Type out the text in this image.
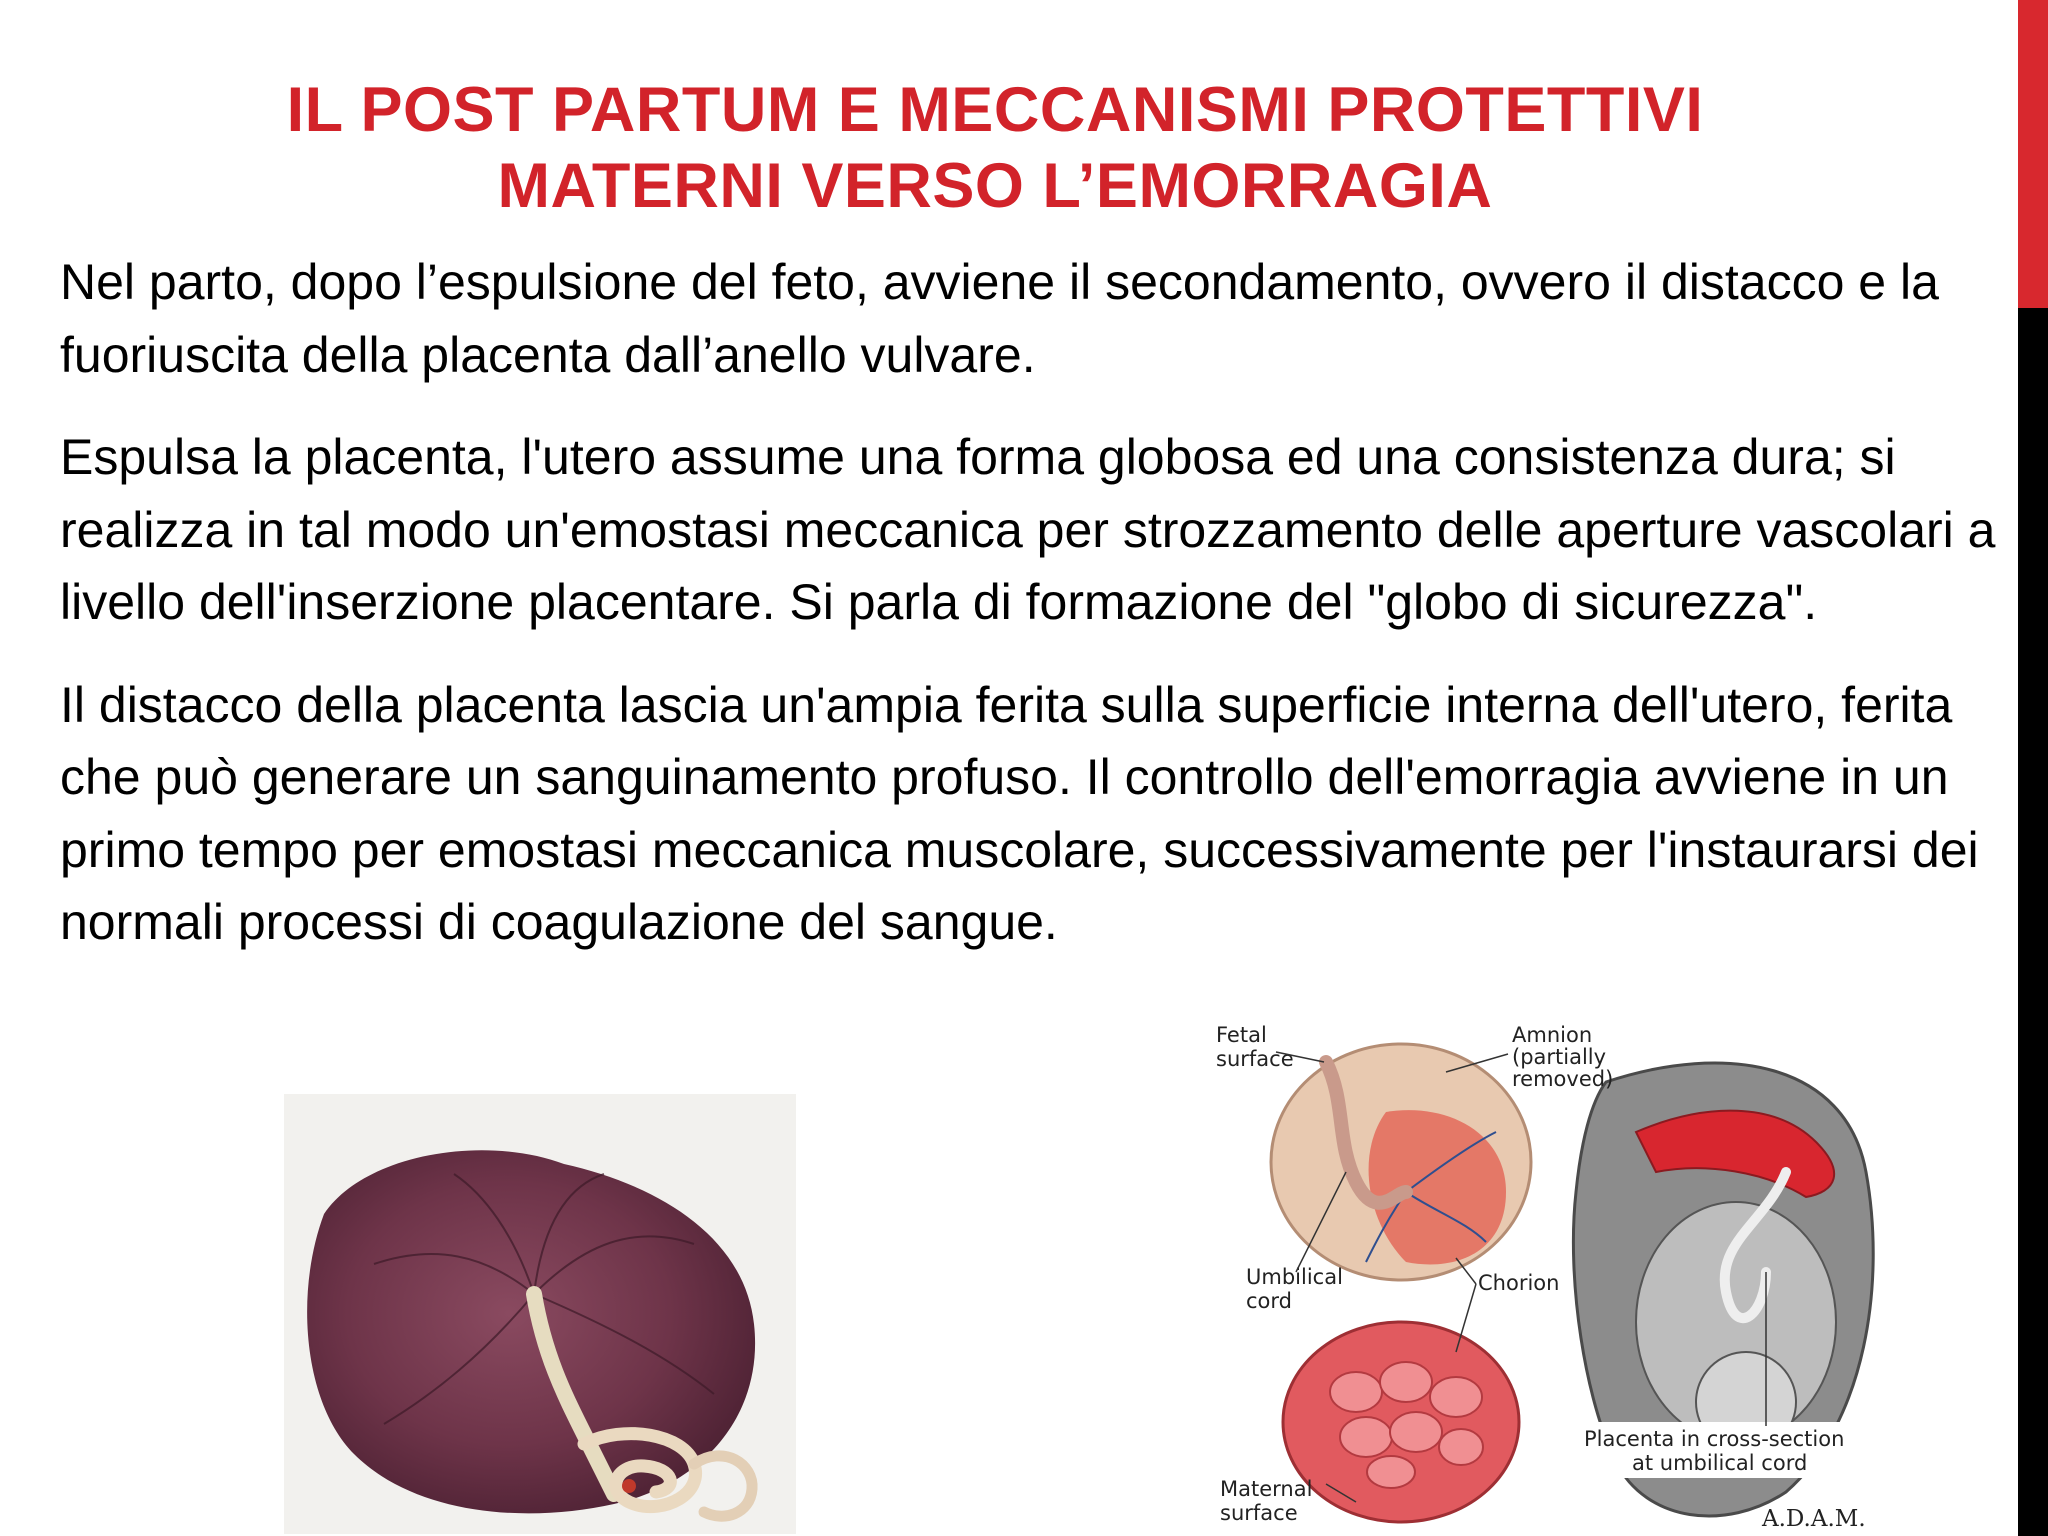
IL POST PARTUM E MECCANISMI PROTETTIVI
MATERNI VERSO L’EMORRAGIA

Nel parto, dopo l’espulsione del feto, avviene il secondamento, ovvero il distacco e la fuoriuscita della placenta dall’anello vulvare.

Espulsa la placenta, l'utero assume una forma globosa ed una consistenza dura; si realizza in tal modo un'emostasi meccanica per strozzamento delle aperture vascolari a livello dell'inserzione placentare. Si parla di formazione del "globo di sicurezza".

Il distacco della placenta lascia un'ampia ferita sulla superficie interna dell'utero, ferita che può generare un sanguinamento profuso. Il controllo dell'emorragia avviene in un primo tempo per emostasi meccanica muscolare, successivamente per l'instaurarsi dei normali processi di coagulazione del sangue.

Fetal
surface
Amnion
(partially
removed)
Umbilical
cord
Chorion
Maternal
surface
Placenta in cross-section
at umbilical cord
A.D.A.M.
